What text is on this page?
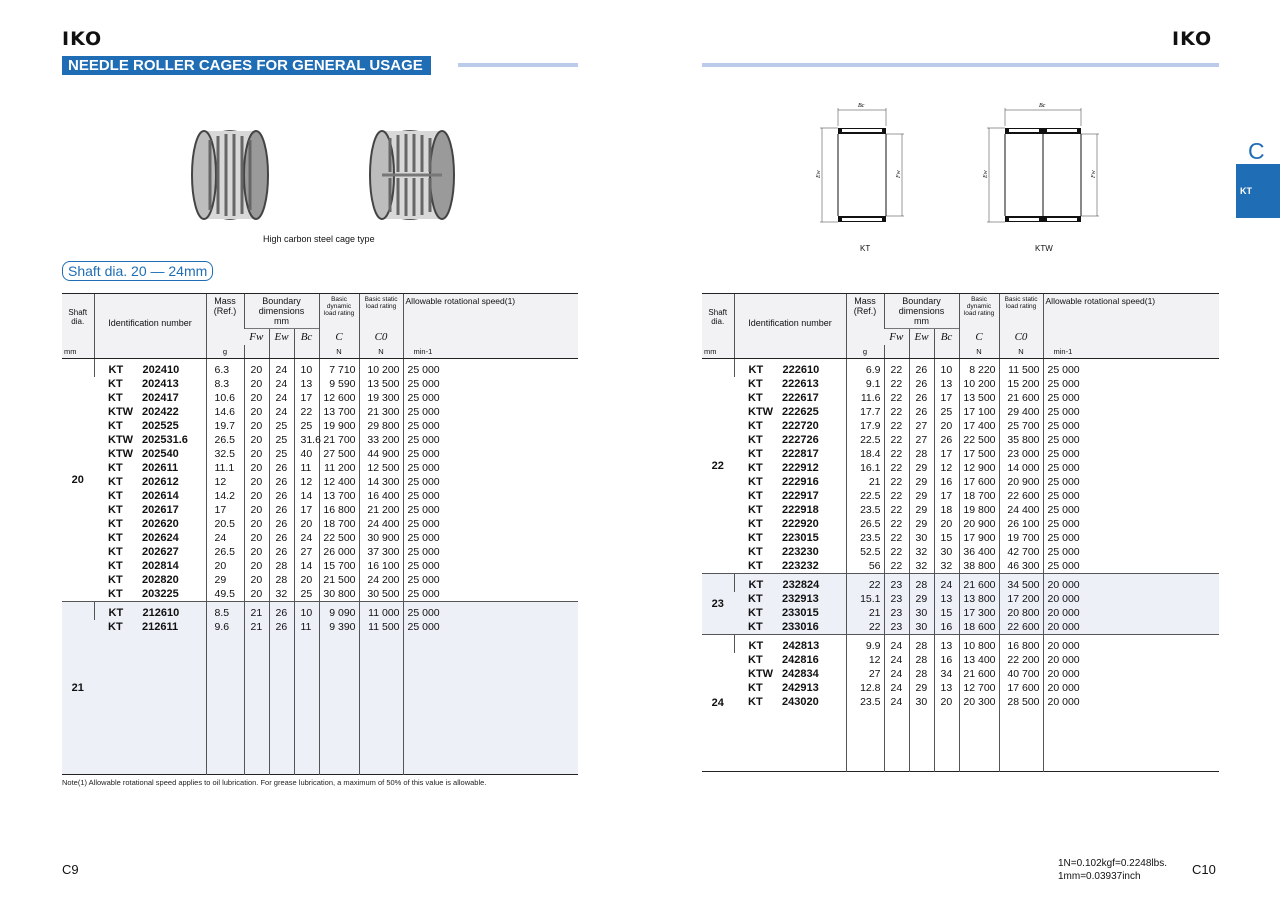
IKO	IKO
NEEDLE ROLLER CAGES FOR GENERAL USAGE
C
KT
High carbon steel cage type
Bc
Ew	Fw
Bc
Ew	Fw
KT	KTW
Shaft dia. 20 — 24mm
Shaft dia.	Identification number	Mass (Ref.)	Boundary dimensions
mm			Basic dynamic load rating	Basic static load rating	Allowable rotational speed(1)
			Fw	Ew	Bc	C	C0	
mm		g				N	N	min-1
20	KT 202410	6.3	20	24	10	7 710	10 200	25 000
	KT 202413	8.3	20	24	13	9 590	13 500	25 000
	KT 202417	10.6	20	24	17	12 600	19 300	25 000
	KTW 202422	14.6	20	24	22	13 700	21 300	25 000
	KT 202525	19.7	20	25	25	19 900	29 800	25 000
	KTW 202531.6	26.5	20	25	31.6	21 700	33 200	25 000
	KTW 202540	32.5	20	25	40	27 500	44 900	25 000
	KT 202611	11.1	20	26	11	11 200	12 500	25 000
	KT 202612	12	20	26	12	12 400	14 300	25 000
	KT 202614	14.2	20	26	14	13 700	16 400	25 000
	KT 202617	17	20	26	17	16 800	21 200	25 000
	KT 202620	20.5	20	26	20	18 700	24 400	25 000
	KT 202624	24	20	26	24	22 500	30 900	25 000
	KT 202627	26.5	20	26	27	26 000	37 300	25 000
	KT 202814	20	20	28	14	15 700	16 100	25 000
	KT 202820	29	20	28	20	21 500	24 200	25 000
	KT 203225	49.5	20	32	25	30 800	30 500	25 000
21	KT 212610	8.5	21	26	10	9 090	11 000	25 000
	KT 212611	9.6	21	26	11	9 390	11 500	25 000

Shaft dia.	Identification number	Mass (Ref.)	Boundary dimensions
mm			Basic dynamic load rating	Basic static load rating	Allowable rotational speed(1)
			Fw	Ew	Bc	C	C0	
mm		g				N	N	min-1
22	KT 222610	6.9	22	26	10	8 220	11 500	25 000
	KT 222613	9.1	22	26	13	10 200	15 200	25 000
	KT 222617	11.6	22	26	17	13 500	21 600	25 000
	KTW 222625	17.7	22	26	25	17 100	29 400	25 000
	KT 222720	17.9	22	27	20	17 400	25 700	25 000
	KT 222726	22.5	22	27	26	22 500	35 800	25 000
	KT 222817	18.4	22	28	17	17 500	23 000	25 000
	KT 222912	16.1	22	29	12	12 900	14 000	25 000
	KT 222916	21	22	29	16	17 600	20 900	25 000
	KT 222917	22.5	22	29	17	18 700	22 600	25 000
	KT 222918	23.5	22	29	18	19 800	24 400	25 000
	KT 222920	26.5	22	29	20	20 900	26 100	25 000
	KT 223015	23.5	22	30	15	17 900	19 700	25 000
	KT 223230	52.5	22	32	30	36 400	42 700	25 000
	KT 223232	56	22	32	32	38 800	46 300	25 000
23	KT 232824	22	23	28	24	21 600	34 500	20 000
	KT 232913	15.1	23	29	13	13 800	17 200	20 000
	KT 233015	21	23	30	15	17 300	20 800	20 000
	KT 233016	22	23	30	16	18 600	22 600	20 000
24	KT 242813	9.9	24	28	13	10 800	16 800	20 000
	KT 242816	12	24	28	16	13 400	22 200	20 000
	KTW 242834	27	24	28	34	21 600	40 700	20 000
	KT 242913	12.8	24	29	13	12 700	17 600	20 000
	KT 243020	23.5	24	30	20	20 300	28 500	20 000

Note(1) Allowable rotational speed applies to oil lubrication. For grease lubrication, a maximum of 50% of this value is allowable.
C9	C10
1N=0.102kgf=0.2248lbs.
1mm=0.03937inch
